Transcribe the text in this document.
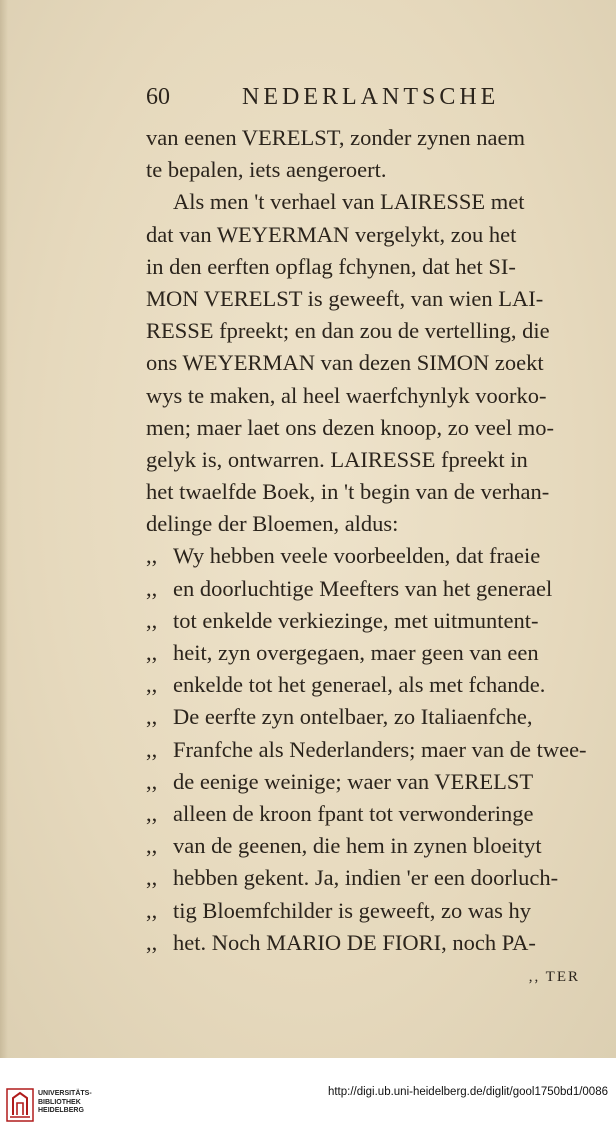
60	NEDERLANTSCHE
van eenen VERELST, zonder zynen naem
te bepalen, iets aengeroert.
Als men 't verhael van LAIRESSE met
dat van WEYERMAN vergelykt, zou het
in den eerften opflag fchynen, dat het SI-
MON VERELST is geweeft, van wien LAI-
RESSE fpreekt; en dan zou de vertelling, die
ons WEYERMAN van dezen SIMON zoekt
wys te maken, al heel waerfchynlyk voorko-
men; maer laet ons dezen knoop, zo veel mo-
gelyk is, ontwarren. LAIRESSE fpreekt in
het twaelfde Boek, in 't begin van de verhan-
delinge der Bloemen, aldus:
,, Wy hebben veele voorbeelden, dat fraeie
,, en doorluchtige Meefters van het generael
,, tot enkelde verkiezinge, met uitmuntent-
,, heit, zyn overgegaen, maer geen van een
,, enkelde tot het generael, als met fchande.
,, De eerfte zyn ontelbaer, zo Italiaenfche,
,, Franfche als Nederlanders; maer van de twee-
,, de eenige weinige; waer van VERELST
,, alleen de kroon fpant tot verwonderinge
,, van de geenen, die hem in zynen bloeityt
,, hebben gekent. Ja, indien 'er een doorluch-
,, tig Bloemfchilder is geweeft, zo was hy
,, het. Noch MARIO DE FIORI, noch PA-
,, TER
UNIVERSITÄTS-
BIBLIOTHEK
HEIDELBERG
http://digi.ub.uni-heidelberg.de/diglit/gool1750bd1/0086
